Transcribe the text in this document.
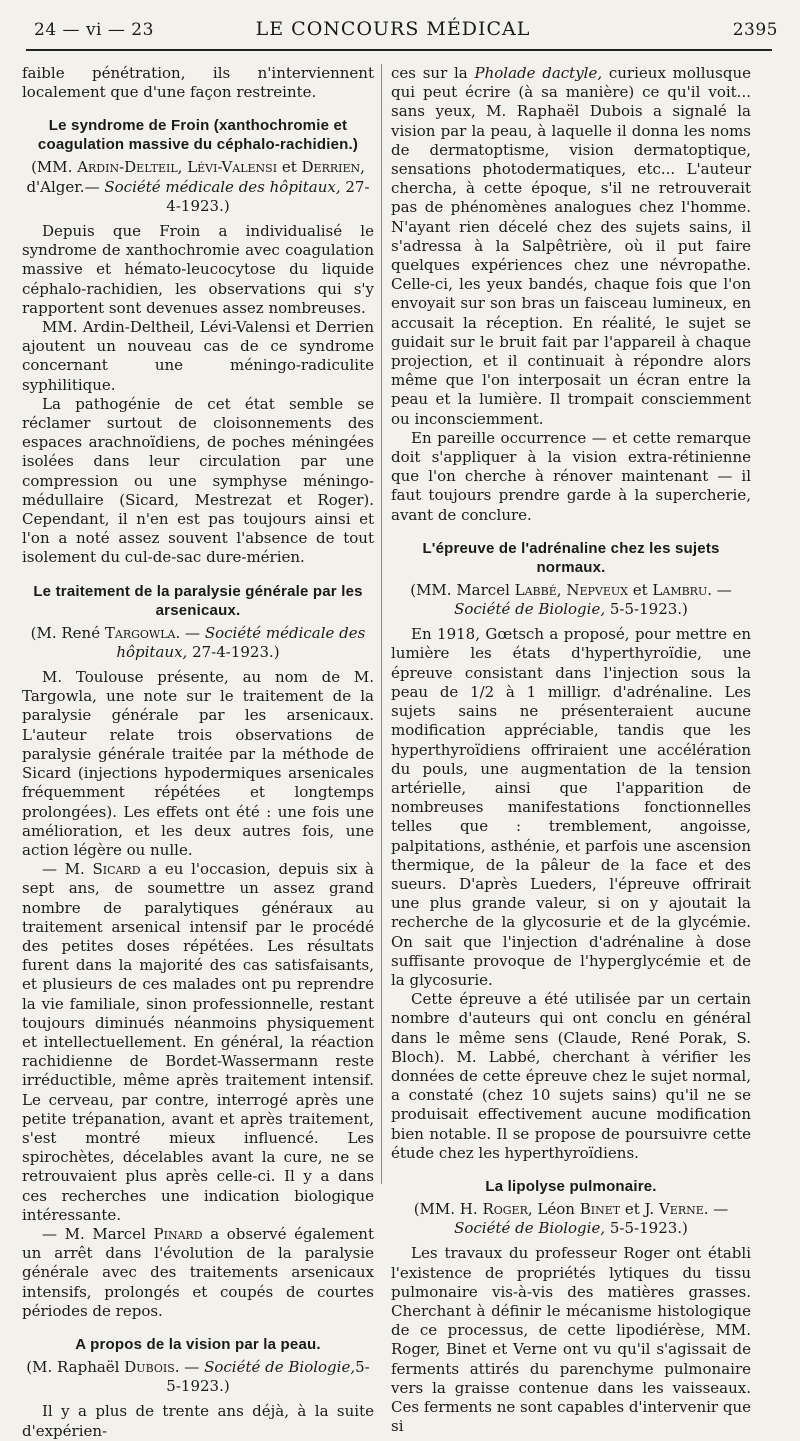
24 — vi — 23	LE CONCOURS MÉDICAL	2395

faible pénétration, ils n'interviennent localement que d'une façon restreinte.

Le syndrome de Froin (xanthochromie et coagulation massive du céphalo-rachidien.)
(MM. Ardin-Delteil, Lévi-Valensi et Derrien, d'Alger.— Société médicale des hôpitaux, 27-4-1923.)

Depuis que Froin a individualisé le syndrome de xanthochromie avec coagulation massive et hémato-leucocytose du liquide céphalo-rachidien, les observations qui s'y rapportent sont devenues assez nombreuses.

MM. Ardin-Deltheil, Lévi-Valensi et Derrien ajoutent un nouveau cas de ce syndrome concernant une méningo-radiculite syphilitique.

La pathogénie de cet état semble se réclamer surtout de cloisonnements des espaces arachnoïdiens, de poches méningées isolées dans leur circulation par une compression ou une symphyse méningo-médullaire (Sicard, Mestrezat et Roger). Cependant, il n'en est pas toujours ainsi et l'on a noté assez souvent l'absence de tout isolement du cul-de-sac dure-mérien.

Le traitement de la paralysie générale par les arsenicaux.
(M. René Targowla. — Société médicale des hôpitaux, 27-4-1923.)

M. Toulouse présente, au nom de M. Targowla, une note sur le traitement de la paralysie générale par les arsenicaux. L'auteur relate trois observations de paralysie générale traitée par la méthode de Sicard (injections hypodermiques arsenicales fréquemment répétées et longtemps prolongées). Les effets ont été : une fois une amélioration, et les deux autres fois, une action légère ou nulle.

— M. Sicard a eu l'occasion, depuis six à sept ans, de soumettre un assez grand nombre de paralytiques généraux au traitement arsenical intensif par le procédé des petites doses répétées. Les résultats furent dans la majorité des cas satisfaisants, et plusieurs de ces malades ont pu reprendre la vie familiale, sinon professionnelle, restant toujours diminués néanmoins physiquement et intellectuellement. En général, la réaction rachidienne de Bordet-Wassermann reste irréductible, même après traitement intensif. Le cerveau, par contre, interrogé après une petite trépanation, avant et après traitement, s'est montré mieux influencé. Les spirochètes, décelables avant la cure, ne se retrouvaient plus après celle-ci. Il y a dans ces recherches une indication biologique intéressante.

— M. Marcel Pinard a observé également un arrêt dans l'évolution de la paralysie générale avec des traitements arsenicaux intensifs, prolongés et coupés de courtes périodes de repos.

A propos de la vision par la peau.
(M. Raphaël Dubois. — Société de Biologie,5-5-1923.)

Il y a plus de trente ans déjà, à la suite d'expérien-

ces sur la Pholade dactyle, curieux mollusque qui peut écrire (à sa manière) ce qu'il voit... sans yeux, M. Raphaël Dubois a signalé la vision par la peau, à laquelle il donna les noms de dermatoptisme, vision dermatoptique, sensations photodermatiques, etc... L'auteur chercha, à cette époque, s'il ne retrouverait pas de phénomènes analogues chez l'homme. N'ayant rien décelé chez des sujets sains, il s'adressa à la Salpêtrière, où il put faire quelques expériences chez une névropathe. Celle-ci, les yeux bandés, chaque fois que l'on envoyait sur son bras un faisceau lumineux, en accusait la réception. En réalité, le sujet se guidait sur le bruit fait par l'appareil à chaque projection, et il continuait à répondre alors même que l'on interposait un écran entre la peau et la lumière. Il trompait consciemment ou inconsciemment.

En pareille occurrence — et cette remarque doit s'appliquer à la vision extra-rétinienne que l'on cherche à rénover maintenant — il faut toujours prendre garde à la supercherie, avant de conclure.

L'épreuve de l'adrénaline chez les sujets normaux.
(MM. Marcel Labbé, Nepveux et Lambru. — Société de Biologie, 5-5-1923.)

En 1918, Gœtsch a proposé, pour mettre en lumière les états d'hyperthyroïdie, une épreuve consistant dans l'injection sous la peau de 1/2 à 1 milligr. d'adrénaline. Les sujets sains ne présenteraient aucune modification appréciable, tandis que les hyperthyroïdiens offriraient une accélération du pouls, une augmentation de la tension artérielle, ainsi que l'apparition de nombreuses manifestations fonctionnelles telles que : tremblement, angoisse, palpitations, asthénie, et parfois une ascension thermique, de la pâleur de la face et des sueurs. D'après Lueders, l'épreuve offrirait une plus grande valeur, si on y ajoutait la recherche de la glycosurie et de la glycémie. On sait que l'injection d'adrénaline à dose suffisante provoque de l'hyperglycémie et de la glycosurie.

Cette épreuve a été utilisée par un certain nombre d'auteurs qui ont conclu en général dans le même sens (Claude, René Porak, S. Bloch). M. Labbé, cherchant à vérifier les données de cette épreuve chez le sujet normal, a constaté (chez 10 sujets sains) qu'il ne se produisait effectivement aucune modification bien notable. Il se propose de poursuivre cette étude chez les hyperthyroïdiens.

La lipolyse pulmonaire.
(MM. H. Roger, Léon Binet et J. Verne. — Société de Biologie, 5-5-1923.)

Les travaux du professeur Roger ont établi l'existence de propriétés lytiques du tissu pulmonaire vis-à-vis des matières grasses. Cherchant à définir le mécanisme histologique de ce processus, de cette lipodiérèse, MM. Roger, Binet et Verne ont vu qu'il s'agissait de ferments attirés du parenchyme pulmonaire vers la graisse contenue dans les vaisseaux. Ces ferments ne sont capables d'intervenir que si
